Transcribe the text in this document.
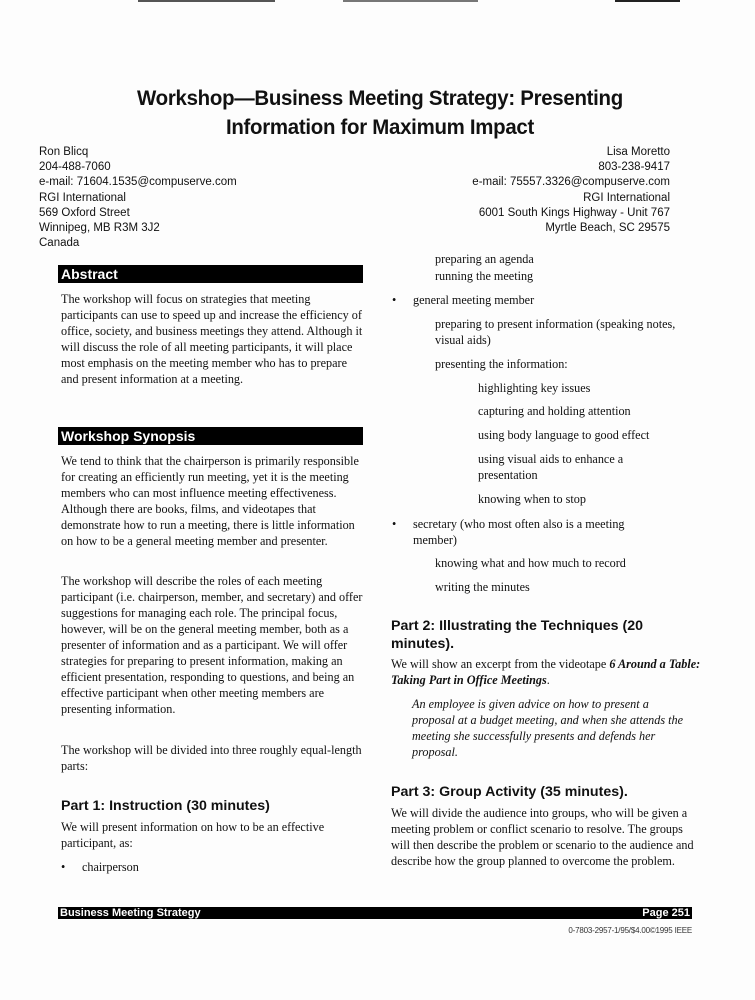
Workshop—Business Meeting Strategy: Presenting
Information for Maximum Impact
Ron Blicq
204-488-7060
e-mail: 71604.1535@compuserve.com
RGI International
569 Oxford Street
Winnipeg, MB R3M 3J2
Canada
Lisa Moretto
803-238-9417
e-mail: 75557.3326@compuserve.com
RGI International
6001 South Kings Highway - Unit 767
Myrtle Beach, SC 29575
Abstract
The workshop will focus on strategies that meeting participants can use to speed up and increase the efficiency of office, society, and business meetings they attend. Although it will discuss the role of all meeting participants, it will place most emphasis on the meeting member who has to prepare and present information at a meeting.
Workshop Synopsis
We tend to think that the chairperson is primarily responsible for creating an efficiently run meeting, yet it is the meeting members who can most influence meeting effectiveness. Although there are books, films, and videotapes that demonstrate how to run a meeting, there is little information on how to be a general meeting member and presenter.
The workshop will describe the roles of each meeting participant (i.e. chairperson, member, and secretary) and offer suggestions for managing each role. The principal focus, however, will be on the general meeting member, both as a presenter of information and as a participant. We will offer strategies for preparing to present information, making an efficient presentation, responding to questions, and being an effective participant when other meeting members are presenting information.
The workshop will be divided into three roughly equal-length parts:
Part 1: Instruction (30 minutes)
We will present information on how to be an effective participant, as:
• chairperson
preparing an agenda
running the meeting
• general meeting member
preparing to present information (speaking notes, visual aids)
presenting the information:
highlighting key issues
capturing and holding attention
using body language to good effect
using visual aids to enhance a presentation
knowing when to stop
• secretary (who most often also is a meeting member)
knowing what and how much to record
writing the minutes
Part 2: Illustrating the Techniques (20 minutes).
We will show an excerpt from the videotape 6 Around a Table: Taking Part in Office Meetings.
An employee is given advice on how to present a proposal at a budget meeting, and when she attends the meeting she successfully presents and defends her proposal.
Part 3: Group Activity (35 minutes).
We will divide the audience into groups, who will be given a meeting problem or conflict scenario to resolve. The groups will then describe the problem or scenario to the audience and describe how the group planned to overcome the problem.
Business Meeting Strategy	Page 251
0-7803-2957-1/95/$4.00©1995 IEEE
